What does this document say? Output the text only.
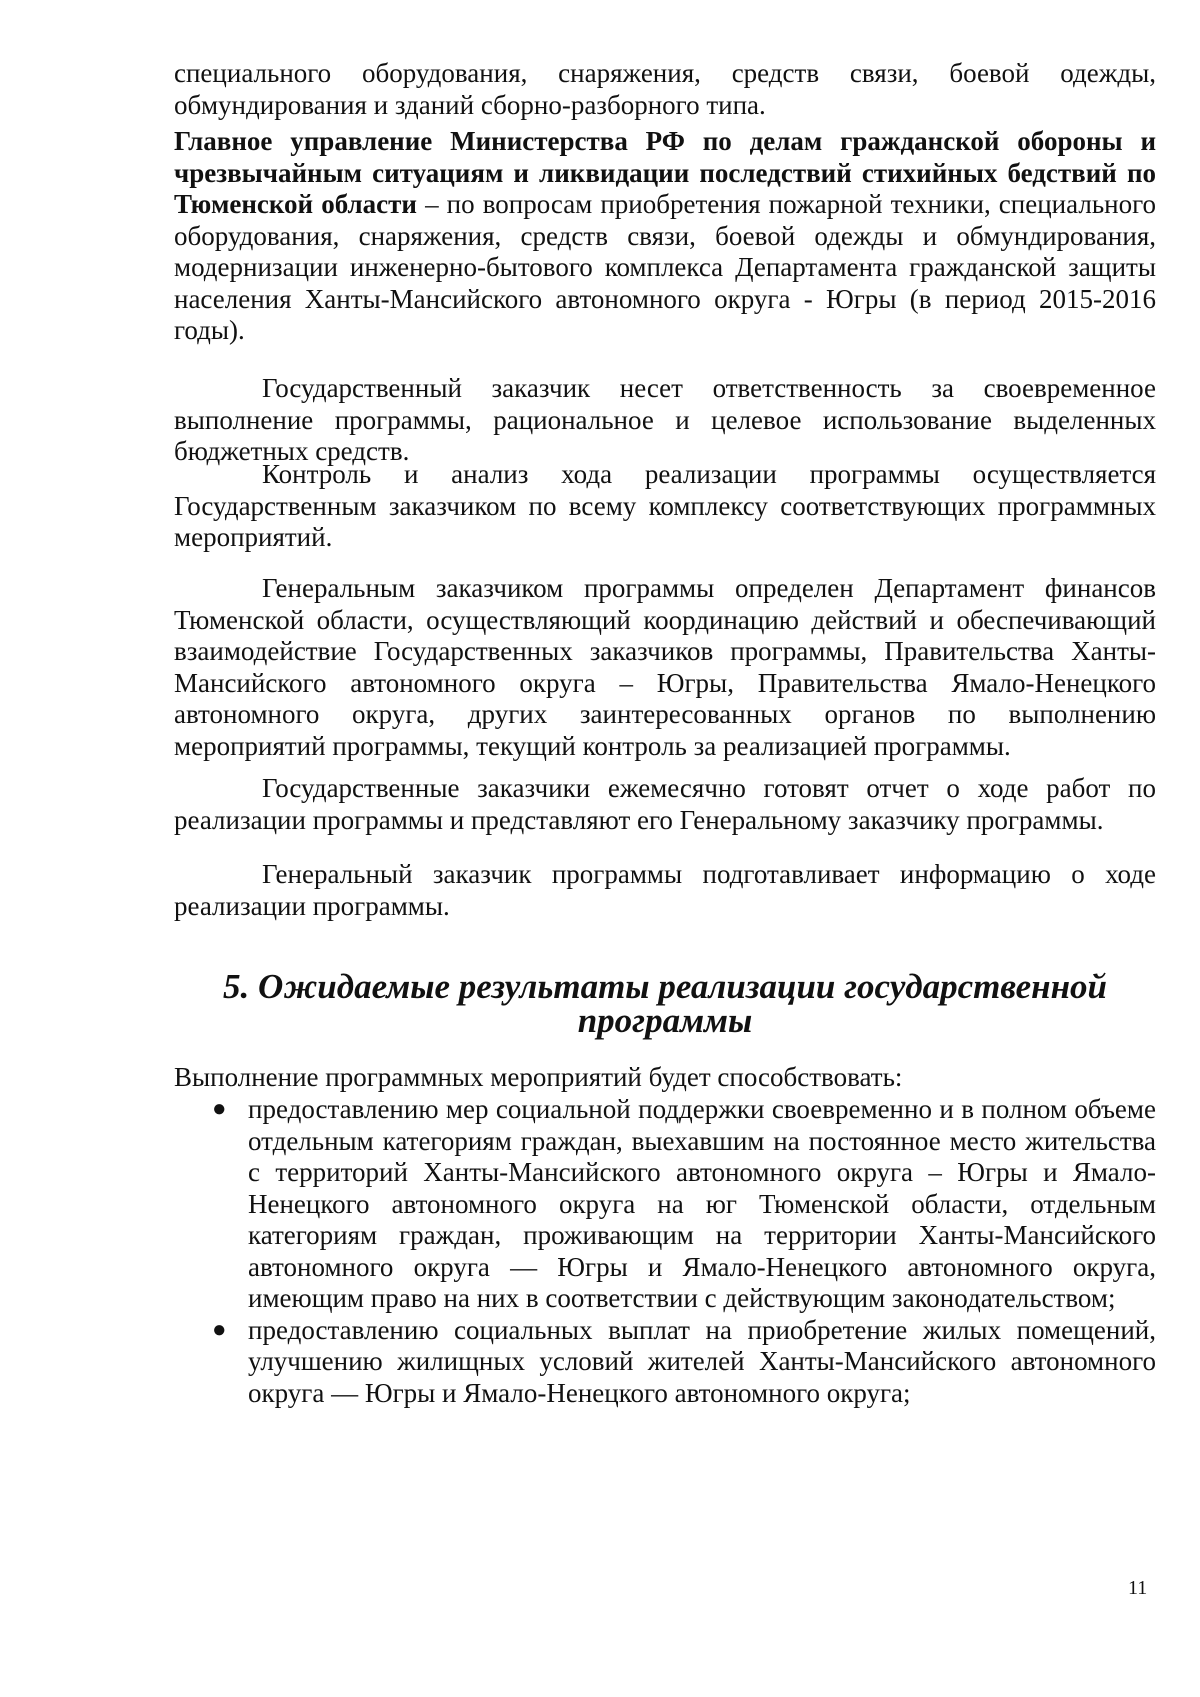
специального оборудования, снаряжения, средств связи, боевой одежды, обмундирования и зданий сборно-разборного типа.

Главное управление Министерства РФ по делам гражданской обороны и чрезвычайным ситуациям и ликвидации последствий стихийных бедствий по Тюменской области – по вопросам приобретения пожарной техники, специального оборудования, снаряжения, средств связи, боевой одежды и обмундирования, модернизации инженерно-бытового комплекса Департамента гражданской защиты населения Ханты-Мансийского автономного округа - Югры (в период 2015-2016 годы).

Государственный заказчик несет ответственность за своевременное выполнение программы, рациональное и целевое использование выделенных бюджетных средств.

Контроль и анализ хода реализации программы осуществляется Государственным заказчиком по всему комплексу соответствующих программных мероприятий.

Генеральным заказчиком программы определен Департамент финансов Тюменской области, осуществляющий координацию действий и обеспечивающий взаимодействие Государственных заказчиков программы, Правительства Ханты-Мансийского автономного округа – Югры, Правительства Ямало-Ненецкого автономного округа, других заинтересованных органов по выполнению мероприятий программы, текущий контроль за реализацией программы.

Государственные заказчики ежемесячно готовят отчет о ходе работ по реализации программы и представляют его Генеральному заказчику программы.

Генеральный заказчик программы подготавливает информацию о ходе реализации программы.

5. Ожидаемые результаты реализации государственной программы

Выполнение программных мероприятий будет способствовать:

● предоставлению мер социальной поддержки своевременно и в полном объеме отдельным категориям граждан, выехавшим на постоянное место жительства с территорий Ханты-Мансийского автономного округа – Югры и Ямало-Ненецкого автономного округа на юг Тюменской области, отдельным категориям граждан, проживающим на территории Ханты-Мансийского автономного округа — Югры и Ямало-Ненецкого автономного округа, имеющим право на них в соответствии с действующим законодательством;
● предоставлению социальных выплат на приобретение жилых помещений, улучшению жилищных условий жителей Ханты-Мансийского автономного округа — Югры и Ямало-Ненецкого автономного округа;
11
